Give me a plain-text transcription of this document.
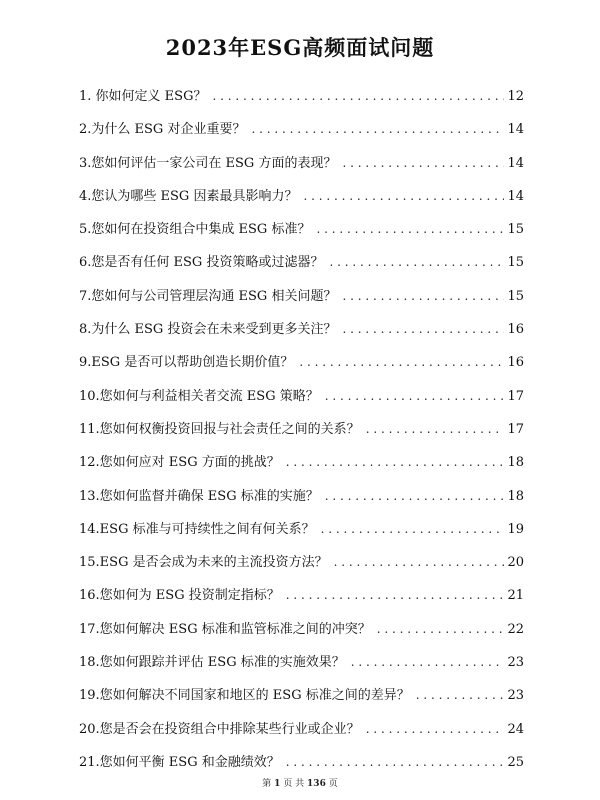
2023年ESG高频面试问题
1. 你如何定义 ESG？ . . .	12
2.为什么 ESG 对企业重要？ . . .	14
3.您如何评估一家公司在 ESG 方面的表现？ . . .	14
4.您认为哪些 ESG 因素最具影响力？ . . .	14
5.您如何在投资组合中集成 ESG 标准？ . . .	15
6.您是否有任何 ESG 投资策略或过滤器？ . . .	15
7.您如何与公司管理层沟通 ESG 相关问题？ . . .	15
8.为什么 ESG 投资会在未来受到更多关注？ . . .	16
9.ESG 是否可以帮助创造长期价值？ . . .	16
10.您如何与利益相关者交流 ESG 策略？ . . .	17
11.您如何权衡投资回报与社会责任之间的关系？ . . .	17
12.您如何应对 ESG 方面的挑战？ . . .	18
13.您如何监督并确保 ESG 标准的实施？ . . .	18
14.ESG 标准与可持续性之间有何关系？ . . .	19
15.ESG 是否会成为未来的主流投资方法？ . . .	20
16.您如何为 ESG 投资制定指标？ . . .	21
17.您如何解决 ESG 标准和监管标准之间的冲突？ . . .	22
18.您如何跟踪并评估 ESG 标准的实施效果？ . . .	23
19.您如何解决不同国家和地区的 ESG 标准之间的差异？ . . .	23
20.您是否会在投资组合中排除某些行业或企业？ . . .	24
21.您如何平衡 ESG 和金融绩效？ . . .	25
第 1 页 共 136 页
